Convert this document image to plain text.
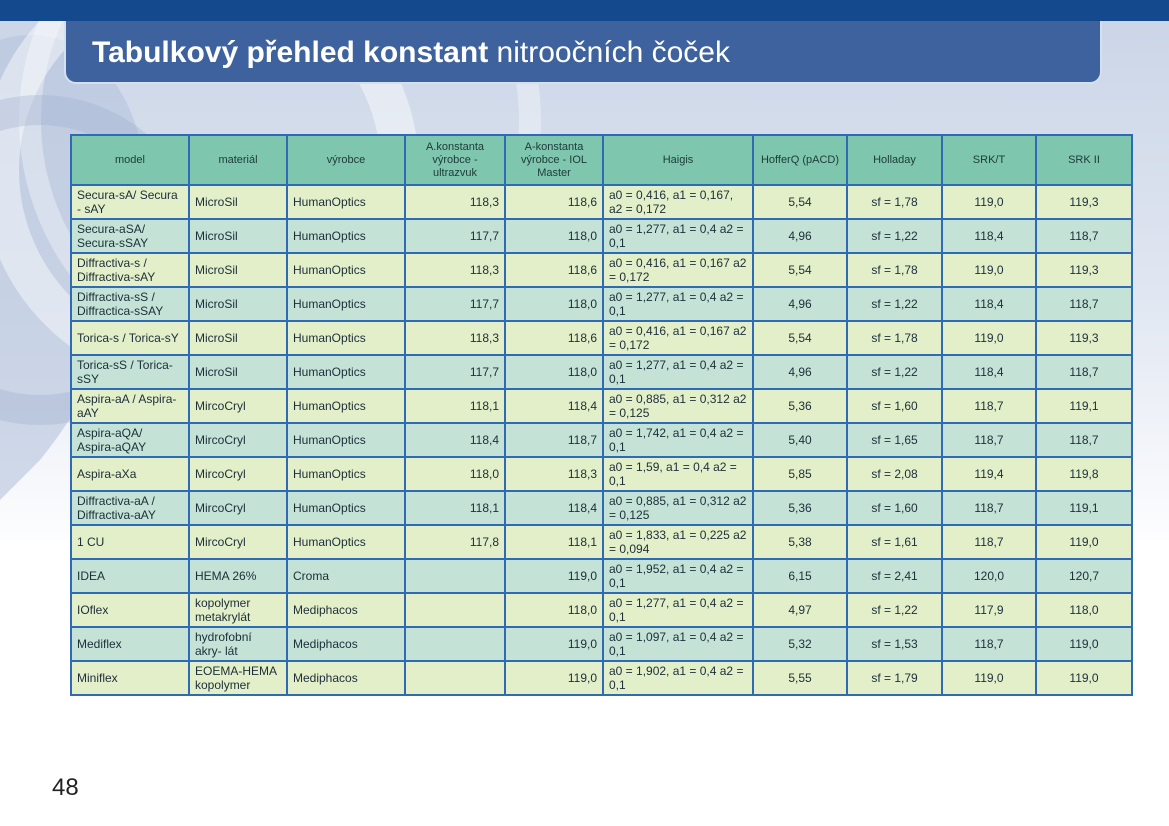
Tabulkový přehled konstant nitroočních čoček
model	materiál	výrobce	A.konstanta výrobce - ultrazvuk	A-konstanta výrobce - IOL Master	Haigis	HofferQ (pACD)	Holladay	SRK/T	SRK II
Secura-sA/ Secura - sAY	MicroSil	HumanOptics	118,3	118,6	a0 = 0,416, a1 = 0,167, a2 = 0,172	5,54	sf = 1,78	119,0	119,3
Secura-aSA/ Secura-sSAY	MicroSil	HumanOptics	117,7	118,0	a0 = 1,277, a1 = 0,4 a2 = 0,1	4,96	sf = 1,22	118,4	118,7
Diffractiva-s / Diffractiva-sAY	MicroSil	HumanOptics	118,3	118,6	a0 = 0,416, a1 = 0,167 a2 = 0,172	5,54	sf = 1,78	119,0	119,3
Diffractiva-sS / Diffractica-sSAY	MicroSil	HumanOptics	117,7	118,0	a0 = 1,277, a1 = 0,4 a2 = 0,1	4,96	sf = 1,22	118,4	118,7
Torica-s / Torica-sY	MicroSil	HumanOptics	118,3	118,6	a0 = 0,416, a1 = 0,167 a2 = 0,172	5,54	sf = 1,78	119,0	119,3
Torica-sS / Torica-sSY	MicroSil	HumanOptics	117,7	118,0	a0 = 1,277, a1 = 0,4 a2 = 0,1	4,96	sf = 1,22	118,4	118,7
Aspira-aA / Aspira-aAY	MircoCryl	HumanOptics	118,1	118,4	a0 = 0,885, a1 = 0,312 a2 = 0,125	5,36	sf = 1,60	118,7	119,1
Aspira-aQA/ Aspira-aQAY	MircoCryl	HumanOptics	118,4	118,7	a0 = 1,742, a1 = 0,4 a2 = 0,1	5,40	sf = 1,65	118,7	118,7
Aspira-aXa	MircoCryl	HumanOptics	118,0	118,3	a0 = 1,59, a1 = 0,4 a2 = 0,1	5,85	sf = 2,08	119,4	119,8
Diffractiva-aA / Diffractiva-aAY	MircoCryl	HumanOptics	118,1	118,4	a0 = 0,885, a1 = 0,312 a2 = 0,125	5,36	sf = 1,60	118,7	119,1
1 CU	MircoCryl	HumanOptics	117,8	118,1	a0 = 1,833, a1 = 0,225 a2 = 0,094	5,38	sf = 1,61	118,7	119,0
IDEA	HEMA 26%	Croma		119,0	a0 = 1,952, a1 = 0,4 a2 = 0,1	6,15	sf = 2,41	120,0	120,7
IOflex	kopolymer metakrylát	Mediphacos		118,0	a0 = 1,277, a1 = 0,4 a2 = 0,1	4,97	sf = 1,22	117,9	118,0
Mediflex	hydrofobní akry- lát	Mediphacos		119,0	a0 = 1,097, a1 = 0,4 a2 = 0,1	5,32	sf = 1,53	118,7	119,0
Miniflex	EOEMA-HEMA kopolymer	Mediphacos		119,0	a0 = 1,902, a1 = 0,4 a2 = 0,1	5,55	sf = 1,79	119,0	119,0
48
